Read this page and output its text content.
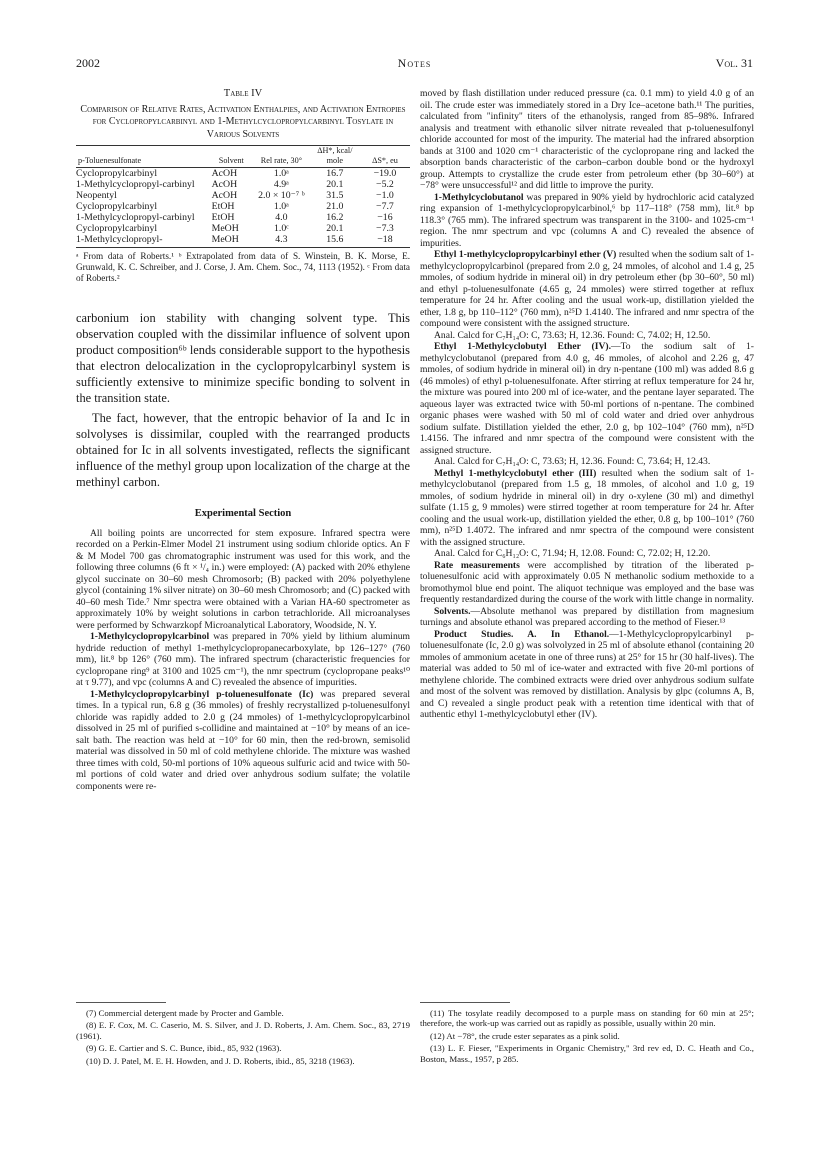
2002	Notes	Vol. 31
Table IV
Comparison of Relative Rates, Activation Enthalpies, and Activation Entropies for Cyclopropylcarbinyl and 1-Methylcyclopropylcarbinyl Tosylate in Various Solvents
p-Toluenesulfonate	Solvent	Rel rate, 30°	ΔH*, kcal/ mole	ΔS*, eu
Cyclopropylcarbinyl	AcOH	1.0ᵃ	16.7	−19.0
1-Methylcyclopropyl-carbinyl	AcOH	4.9ᵃ	20.1	−5.2
Neopentyl	AcOH	2.0 × 10⁻⁷ ᵇ	31.5	−1.0
Cyclopropylcarbinyl	EtOH	1.0ᵃ	21.0	−7.7
1-Methylcyclopropyl-carbinyl	EtOH	4.0	16.2	−16
Cyclopropylcarbinyl	MeOH	1.0ᶜ	20.1	−7.3
1-Methylcyclopropyl-	MeOH	4.3	15.6	−18
ᵃ From data of Roberts.¹ ᵇ Extrapolated from data of S. Winstein, B. K. Morse, E. Grunwald, K. C. Schreiber, and J. Corse, J. Am. Chem. Soc., 74, 1113 (1952). ᶜ From data of Roberts.²

carbonium ion stability with changing solvent type. This observation coupled with the dissimilar influence of solvent upon product composition⁶ᵇ lends considerable support to the hypothesis that electron delocalization in the cyclopropylcarbinyl system is sufficiently extensive to minimize specific bonding to solvent in the transition state.

The fact, however, that the entropic behavior of Ia and Ic in solvolyses is dissimilar, coupled with the rearranged products obtained for Ic in all solvents investigated, reflects the significant influence of the methyl group upon localization of the charge at the methinyl carbon.

Experimental Section

All boiling points are uncorrected for stem exposure. Infrared spectra were recorded on a Perkin-Elmer Model 21 instrument using sodium chloride optics. An F & M Model 700 gas chromatographic instrument was used for this work, and the following three columns (6 ft × ¹/₄ in.) were employed: (A) packed with 20% ethylene glycol succinate on 30–60 mesh Chromosorb; (B) packed with 20% polyethylene glycol (containing 1% silver nitrate) on 30–60 mesh Chromosorb; and (C) packed with 40–60 mesh Tide.⁷ Nmr spectra were obtained with a Varian HA-60 spectrometer as approximately 10% by weight solutions in carbon tetrachloride. All microanalyses were performed by Schwarzkopf Microanalytical Laboratory, Woodside, N. Y.

1-Methylcyclopropylcarbinol was prepared in 70% yield by lithium aluminum hydride reduction of methyl 1-methylcyclopropanecarboxylate, bp 126–127° (760 mm), lit.⁸ bp 126° (760 mm). The infrared spectrum (characteristic frequencies for cyclopropane ring⁹ at 3100 and 1025 cm⁻¹), the nmr spectrum (cyclopropane peaks¹⁰ at τ 9.77), and vpc (columns A and C) revealed the absence of impurities.

1-Methylcyclopropylcarbinyl p-toluenesulfonate (Ic) was prepared several times. In a typical run, 6.8 g (36 mmoles) of freshly recrystallized p-toluenesulfonyl chloride was rapidly added to 2.0 g (24 mmoles) of 1-methylcyclopropylcarbinol dissolved in 25 ml of purified s-collidine and maintained at −10° by means of an ice-salt bath. The reaction was held at −10° for 60 min, then the red-brown, semisolid material was dissolved in 50 ml of cold methylene chloride. The mixture was washed three times with cold, 50-ml portions of 10% aqueous sulfuric acid and twice with 50-ml portions of cold water and dried over anhydrous sodium sulfate; the volatile components were re-

moved by flash distillation under reduced pressure (ca. 0.1 mm) to yield 4.0 g of an oil. The crude ester was immediately stored in a Dry Ice–acetone bath.¹¹ The purities, calculated from "infinity" titers of the ethanolysis, ranged from 85–98%. Infrared analysis and treatment with ethanolic silver nitrate revealed that p-toluenesulfonyl chloride accounted for most of the impurity. The material had the infrared absorption bands at 3100 and 1020 cm⁻¹ characteristic of the cyclopropane ring and lacked the absorption bands characteristic of the carbon–carbon double bond or the hydroxyl group. Attempts to crystallize the crude ester from petroleum ether (bp 30–60°) at −78° were unsuccessful¹² and did little to improve the purity.

1-Methylcyclobutanol was prepared in 90% yield by hydrochloric acid catalyzed ring expansion of 1-methylcyclopropylcarbinol,⁶ bp 117–118° (758 mm), lit.⁸ bp 118.3° (765 mm). The infrared spectrum was transparent in the 3100- and 1025-cm⁻¹ region. The nmr spectrum and vpc (columns A and C) revealed the absence of impurities.

Ethyl 1-methylcyclopropylcarbinyl ether (V) resulted when the sodium salt of 1-methylcyclopropylcarbinol (prepared from 2.0 g, 24 mmoles, of alcohol and 1.4 g, 25 mmoles, of sodium hydride in mineral oil) in dry petroleum ether (bp 30–60°, 50 ml) and ethyl p-toluenesulfonate (4.65 g, 24 mmoles) were stirred together at reflux temperature for 24 hr. After cooling and the usual work-up, distillation yielded the ether, 1.8 g, bp 110–112° (760 mm), n²⁵D 1.4140. The infrared and nmr spectra of the compound were consistent with the assigned structure.

Anal. Calcd for C₇H₁₄O: C, 73.63; H, 12.36. Found: C, 74.02; H, 12.50.

Ethyl 1-Methylcyclobutyl Ether (IV).—To the sodium salt of 1-methylcyclobutanol (prepared from 4.0 g, 46 mmoles, of alcohol and 2.26 g, 47 mmoles, of sodium hydride in mineral oil) in dry n-pentane (100 ml) was added 8.6 g (46 mmoles) of ethyl p-toluenesulfonate. After stirring at reflux temperature for 24 hr, the mixture was poured into 200 ml of ice-water, and the pentane layer separated. The aqueous layer was extracted twice with 50-ml portions of n-pentane. The combined organic phases were washed with 50 ml of cold water and dried over anhydrous sodium sulfate. Distillation yielded the ether, 2.0 g, bp 102–104° (760 mm), n²⁵D 1.4156. The infrared and nmr spectra of the compound were consistent with the assigned structure.

Anal. Calcd for C₇H₁₄O: C, 73.63; H, 12.36. Found: C, 73.64; H, 12.43.

Methyl 1-methylcyclobutyl ether (III) resulted when the sodium salt of 1-methylcyclobutanol (prepared from 1.5 g, 18 mmoles, of alcohol and 1.0 g, 19 mmoles, of sodium hydride in mineral oil) in dry o-xylene (30 ml) and dimethyl sulfate (1.15 g, 9 mmoles) were stirred together at room temperature for 24 hr. After cooling and the usual work-up, distillation yielded the ether, 0.8 g, bp 100–101° (760 mm), n²⁵D 1.4072. The infrared and nmr spectra of the compound were consistent with the assigned structure.

Anal. Calcd for C₆H₁₂O: C, 71.94; H, 12.08. Found: C, 72.02; H, 12.20.

Rate measurements were accomplished by titration of the liberated p-toluenesulfonic acid with approximately 0.05 N methanolic sodium methoxide to a bromothymol blue end point. The aliquot technique was employed and the base was frequently restandardized during the course of the work with little change in normality.

Solvents.—Absolute methanol was prepared by distillation from magnesium turnings and absolute ethanol was prepared according to the method of Fieser.¹³

Product Studies. A. In Ethanol.—1-Methylcyclopropylcarbinyl p-toluenesulfonate (Ic, 2.0 g) was solvolyzed in 25 ml of absolute ethanol (containing 20 mmoles of ammonium acetate in one of three runs) at 25° for 15 hr (30 half-lives). The material was added to 50 ml of ice-water and extracted with five 20-ml portions of methylene chloride. The combined extracts were dried over anhydrous sodium sulfate and most of the solvent was removed by distillation. Analysis by glpc (columns A, B, and C) revealed a single product peak with a retention time identical with that of authentic ethyl 1-methylcyclobutyl ether (IV).

(7) Commercial detergent made by Procter and Gamble.

(8) E. F. Cox, M. C. Caserio, M. S. Silver, and J. D. Roberts, J. Am. Chem. Soc., 83, 2719 (1961).

(9) G. E. Cartier and S. C. Bunce, ibid., 85, 932 (1963).

(10) D. J. Patel, M. E. H. Howden, and J. D. Roberts, ibid., 85, 3218 (1963).

(11) The tosylate readily decomposed to a purple mass on standing for 60 min at 25°; therefore, the work-up was carried out as rapidly as possible, usually within 20 min.

(12) At −78°, the crude ester separates as a pink solid.

(13) L. F. Fieser, "Experiments in Organic Chemistry," 3rd rev ed, D. C. Heath and Co., Boston, Mass., 1957, p 285.
